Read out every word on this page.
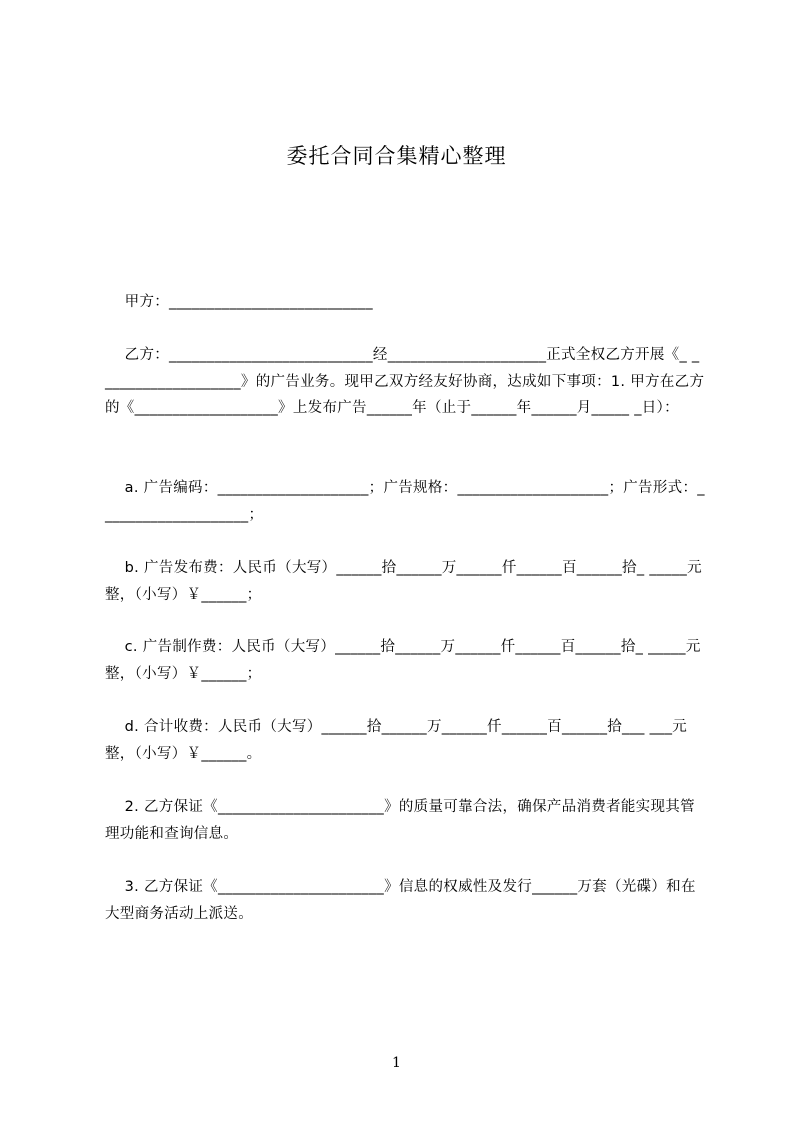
委托合同合集精心整理
甲方：___________________________
乙方：___________________________经_____________________正式全权乙方开展《_ ___________________》的广告业务。现甲乙双方经友好协商，达成如下事项：1. 甲方在乙方的《___________________》上发布广告______年（止于______年______月_____ _日）：
a. 广告编码：____________________；广告规格：____________________；广告形式：____________________；
b. 广告发布费：人民币（大写）______拾______万______仟______百______拾_ _____元整，（小写）￥______；
c. 广告制作费：人民币（大写）______拾______万______仟______百______拾_ _____元整，（小写）￥______；
d. 合计收费：人民币（大写）______拾______万______仟______百______拾___ ___元整，（小写）￥______。
2. 乙方保证《______________________》的质量可靠合法，确保产品消费者能实现其管理功能和查询信息。
3. 乙方保证《______________________》信息的权威性及发行______万套（光碟）和在大型商务活动上派送。
1
